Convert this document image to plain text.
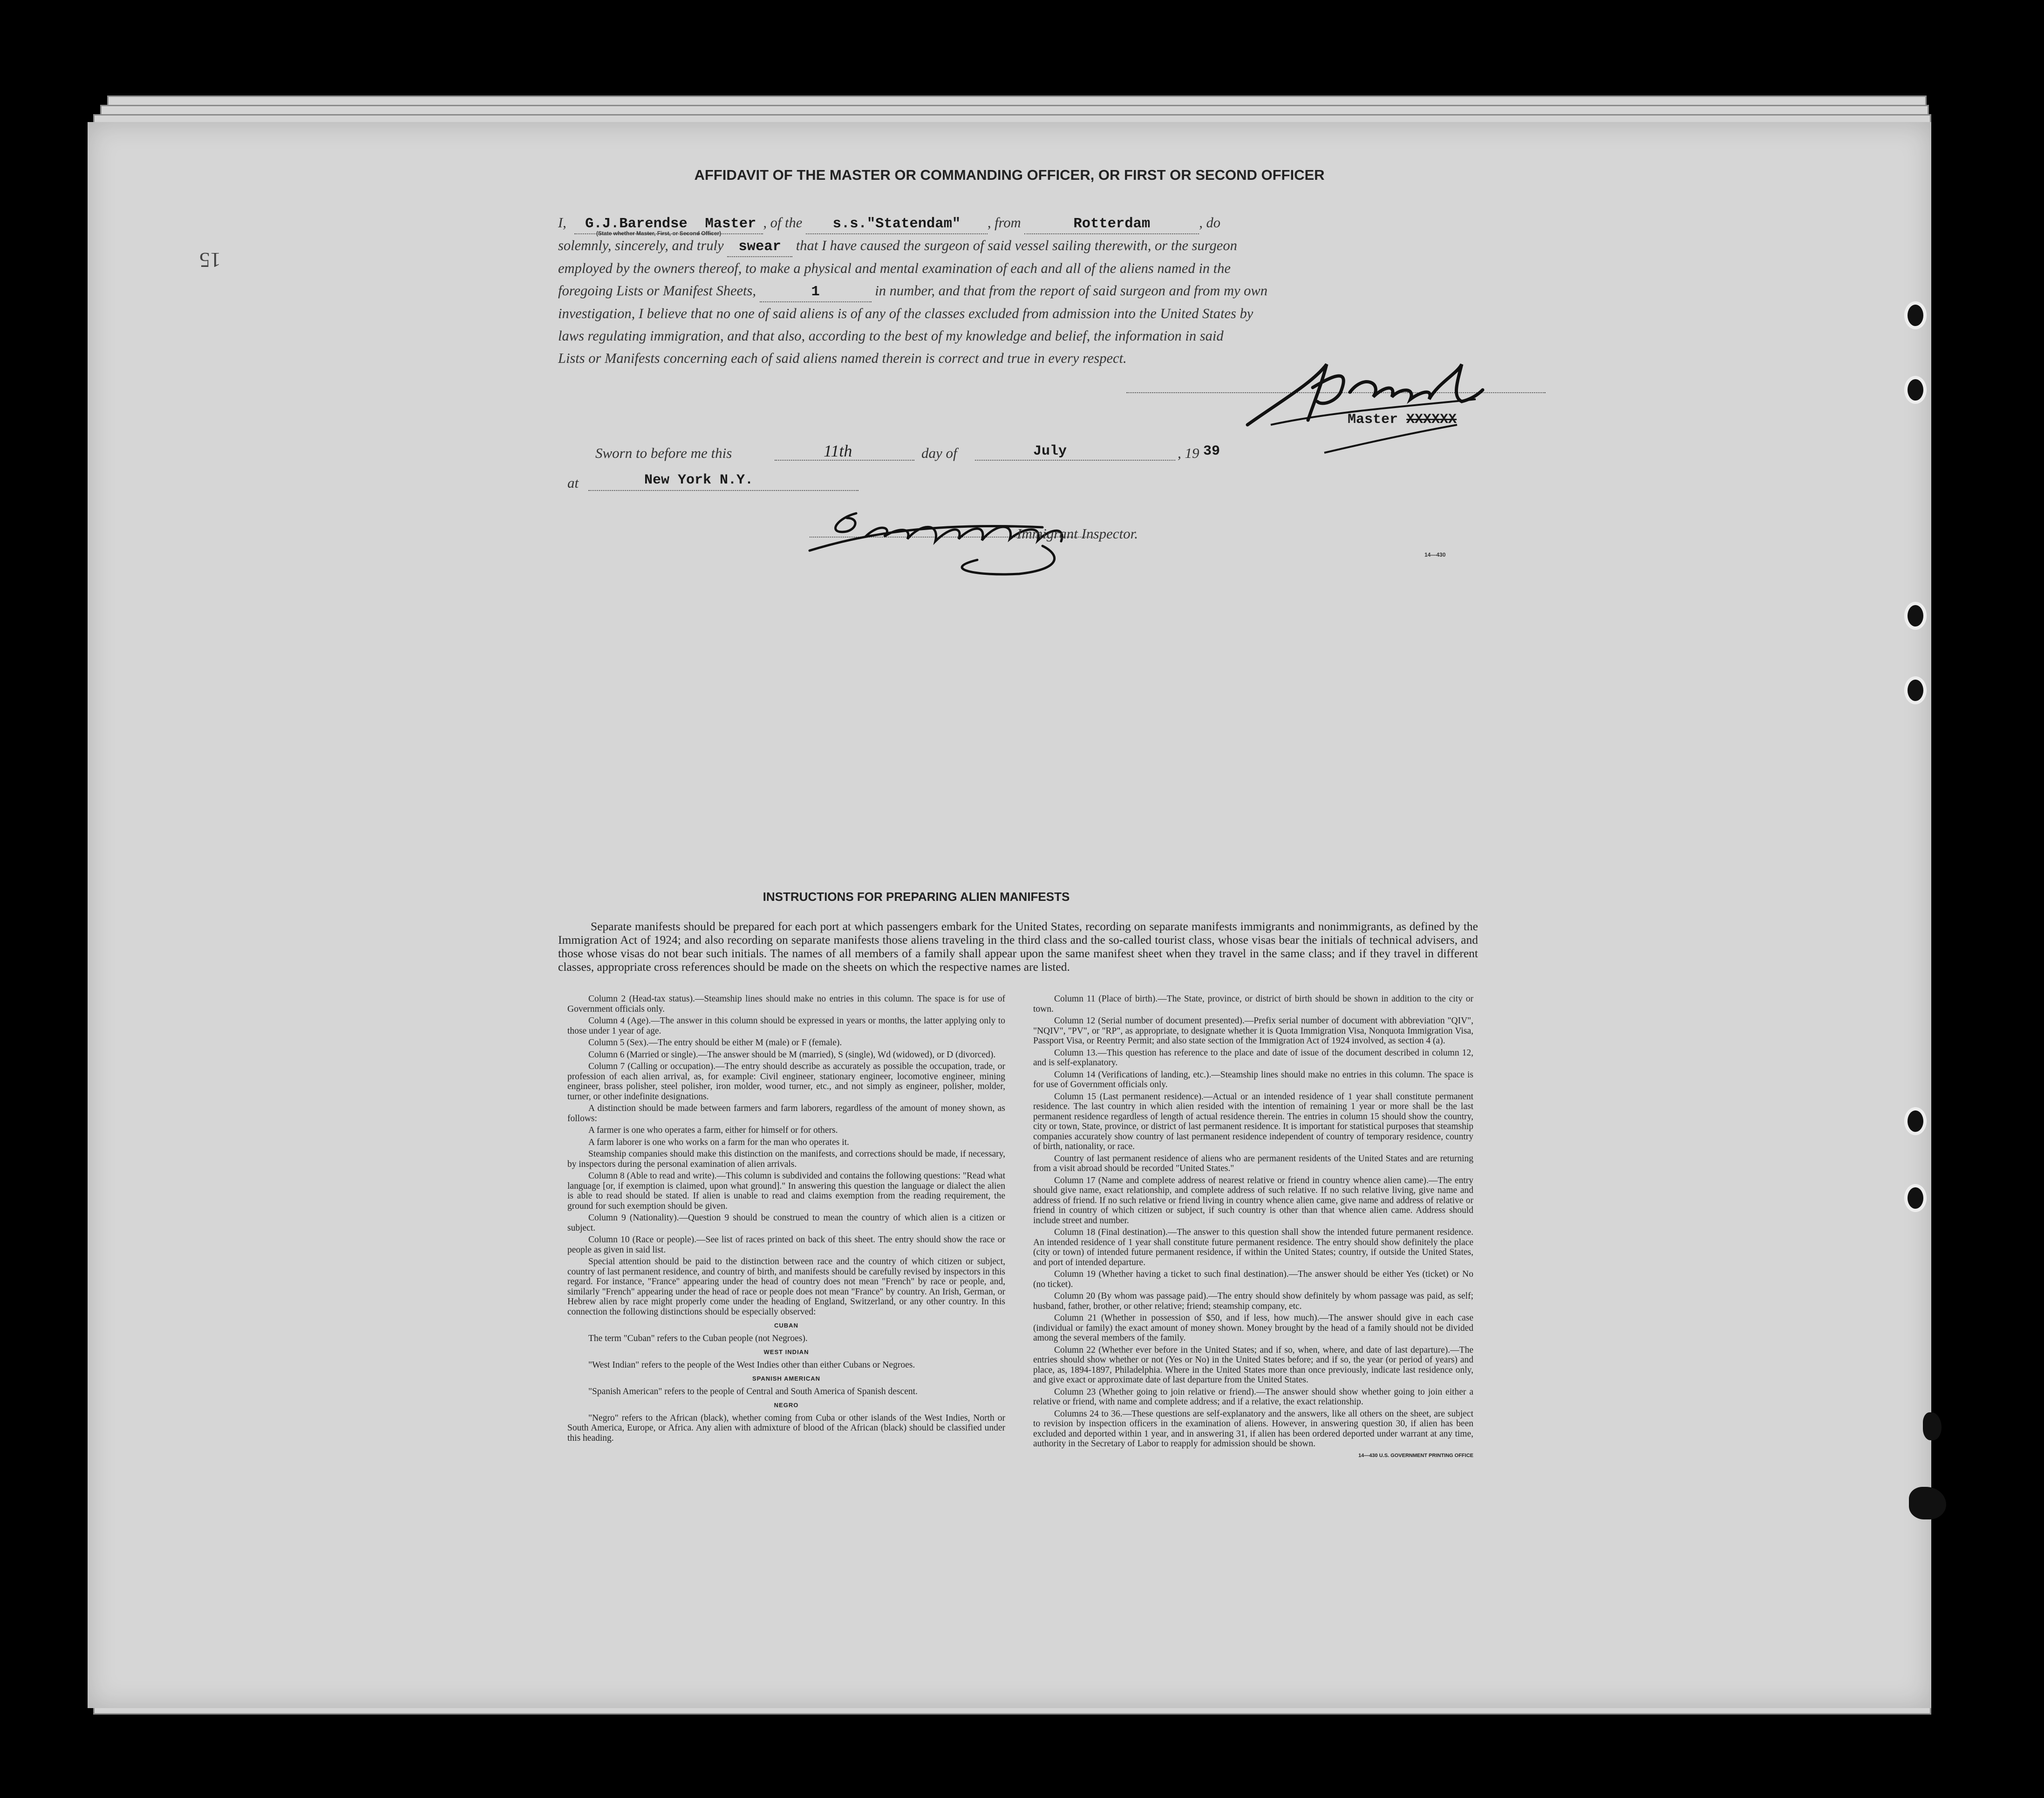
15
AFFIDAVIT OF THE MASTER OR COMMANDING OFFICER, OR FIRST OR SECOND OFFICER

I, G.J.Barendse Master , of the s.s."Statendam" , from	Rotterdam	, do

solemnly, sincerely, and truly swear that I have caused the surgeon of said vessel sailing therewith, or the surgeon

employed by the owners thereof, to make a physical and mental examination of each and all of the aliens named in the

foregoing Lists or Manifest Sheets,	1	in number, and that from the report of said surgeon and from my own

investigation, I believe that no one of said aliens is of any of the classes excluded from admission into the United States by

laws regulating immigration, and that also, according to the best of my knowledge and belief, the information in said

Lists or Manifests concerning each of said aliens named therein is correct and true in every respect.

(State whether Master, First, or Second Officer)
Master XXXXXX
Sworn to before me this	11th	day of	July	, 19 39
at	New York N.Y.
Immigrant Inspector.
14—430
INSTRUCTIONS FOR PREPARING ALIEN MANIFESTS

Separate manifests should be prepared for each port at which passengers embark for the United States, recording on separate manifests immigrants and nonimmigrants, as defined by the Immigration Act of 1924; and also recording on separate manifests those aliens traveling in the third class and the so-called tourist class, whose visas bear the initials of technical advisers, and those whose visas do not bear such initials. The names of all members of a family shall appear upon the same manifest sheet when they travel in the same class; and if they travel in different classes, appropriate cross references should be made on the sheets on which the respective names are listed.

Column 2 (Head-tax status).—Steamship lines should make no entries in this column. The space is for use of Government officials only.

Column 4 (Age).—The answer in this column should be expressed in years or months, the latter applying only to those under 1 year of age.

Column 5 (Sex).—The entry should be either M (male) or F (female).

Column 6 (Married or single).—The answer should be M (married), S (single), Wd (widowed), or D (divorced).

Column 7 (Calling or occupation).—The entry should describe as accurately as possible the occupation, trade, or profession of each alien arrival, as, for example: Civil engineer, stationary engineer, locomotive engineer, mining engineer, brass polisher, steel polisher, iron molder, wood turner, etc., and not simply as engineer, polisher, molder, turner, or other indefinite designations.

A distinction should be made between farmers and farm laborers, regardless of the amount of money shown, as follows:

A farmer is one who operates a farm, either for himself or for others.

A farm laborer is one who works on a farm for the man who operates it.

Steamship companies should make this distinction on the manifests, and corrections should be made, if necessary, by inspectors during the personal examination of alien arrivals.

Column 8 (Able to read and write).—This column is subdivided and contains the following questions: "Read what language [or, if exemption is claimed, upon what ground]." In answering this question the language or dialect the alien is able to read should be stated. If alien is unable to read and claims exemption from the reading requirement, the ground for such exemption should be given.

Column 9 (Nationality).—Question 9 should be construed to mean the country of which alien is a citizen or subject.

Column 10 (Race or people).—See list of races printed on back of this sheet. The entry should show the race or people as given in said list.

Special attention should be paid to the distinction between race and the country of which citizen or subject, country of last permanent residence, and country of birth, and manifests should be carefully revised by inspectors in this regard. For instance, "France" appearing under the head of country does not mean "French" by race or people, and, similarly "French" appearing under the head of race or people does not mean "France" by country. An Irish, German, or Hebrew alien by race might properly come under the heading of England, Switzerland, or any other country. In this connection the following distinctions should be especially observed:

CUBAN

The term "Cuban" refers to the Cuban people (not Negroes).

WEST INDIAN

"West Indian" refers to the people of the West Indies other than either Cubans or Negroes.

SPANISH AMERICAN

"Spanish American" refers to the people of Central and South America of Spanish descent.

NEGRO

"Negro" refers to the African (black), whether coming from Cuba or other islands of the West Indies, North or South America, Europe, or Africa. Any alien with admixture of blood of the African (black) should be classified under this heading.

Column 11 (Place of birth).—The State, province, or district of birth should be shown in addition to the city or town.

Column 12 (Serial number of document presented).—Prefix serial number of document with abbreviation "QIV", "NQIV", "PV", or "RP", as appropriate, to designate whether it is Quota Immigration Visa, Nonquota Immigration Visa, Passport Visa, or Reentry Permit; and also state section of the Immigration Act of 1924 involved, as section 4 (a).

Column 13.—This question has reference to the place and date of issue of the document described in column 12, and is self-explanatory.

Column 14 (Verifications of landing, etc.).—Steamship lines should make no entries in this column. The space is for use of Government officials only.

Column 15 (Last permanent residence).—Actual or an intended residence of 1 year shall constitute permanent residence. The last country in which alien resided with the intention of remaining 1 year or more shall be the last permanent residence regardless of length of actual residence therein. The entries in column 15 should show the country, city or town, State, province, or district of last permanent residence. It is important for statistical purposes that steamship companies accurately show country of last permanent residence independent of country of temporary residence, country of birth, nationality, or race.

Country of last permanent residence of aliens who are permanent residents of the United States and are returning from a visit abroad should be recorded "United States."

Column 17 (Name and complete address of nearest relative or friend in country whence alien came).—The entry should give name, exact relationship, and complete address of such relative. If no such relative living, give name and address of friend. If no such relative or friend living in country whence alien came, give name and address of relative or friend in country of which citizen or subject, if such country is other than that whence alien came. Address should include street and number.

Column 18 (Final destination).—The answer to this question shall show the intended future permanent residence. An intended residence of 1 year shall constitute future permanent residence. The entry should show definitely the place (city or town) of intended future permanent residence, if within the United States; country, if outside the United States, and port of intended departure.

Column 19 (Whether having a ticket to such final destination).—The answer should be either Yes (ticket) or No (no ticket).

Column 20 (By whom was passage paid).—The entry should show definitely by whom passage was paid, as self; husband, father, brother, or other relative; friend; steamship company, etc.

Column 21 (Whether in possession of $50, and if less, how much).—The answer should give in each case (individual or family) the exact amount of money shown. Money brought by the head of a family should not be divided among the several members of the family.

Column 22 (Whether ever before in the United States; and if so, when, where, and date of last departure).—The entries should show whether or not (Yes or No) in the United States before; and if so, the year (or period of years) and place, as, 1894-1897, Philadelphia. Where in the United States more than once previously, indicate last residence only, and give exact or approximate date of last departure from the United States.

Column 23 (Whether going to join relative or friend).—The answer should show whether going to join either a relative or friend, with name and complete address; and if a relative, the exact relationship.

Columns 24 to 36.—These questions are self-explanatory and the answers, like all others on the sheet, are subject to revision by inspection officers in the examination of aliens. However, in answering question 30, if alien has been excluded and deported within 1 year, and in answering 31, if alien has been ordered deported under warrant at any time, authority in the Secretary of Labor to reapply for admission should be shown.

14—430 U.S. GOVERNMENT PRINTING OFFICE
